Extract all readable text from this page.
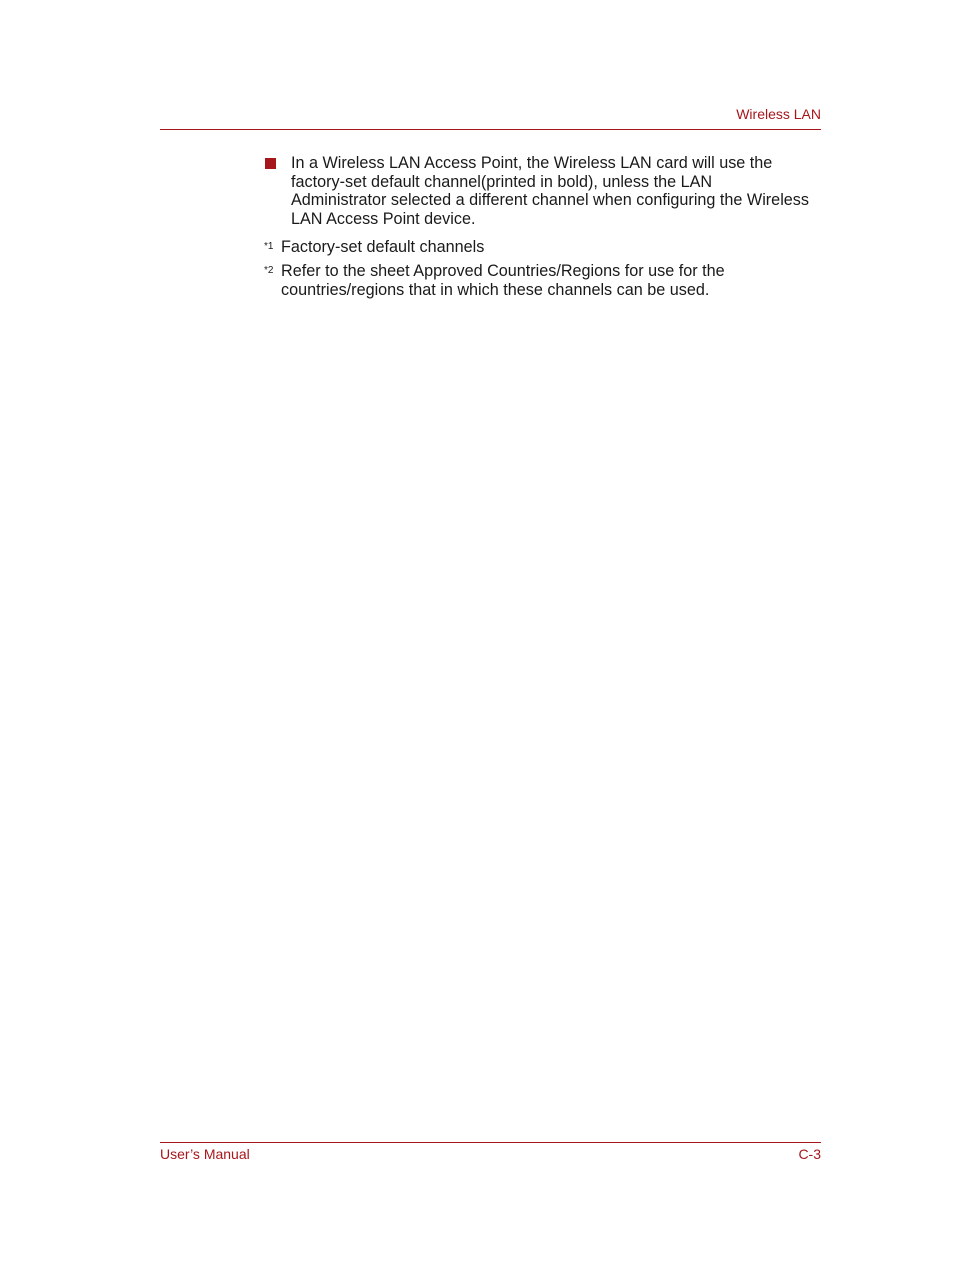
Wireless LAN
In a Wireless LAN Access Point, the Wireless LAN card will use the factory-set default channel(printed in bold), unless the LAN Administrator selected a different channel when configuring the Wireless LAN Access Point device.
$^{*1}$ Factory-set default channels
$^{*2}$ Refer to the sheet Approved Countries/Regions for use for the countries/regions that in which these channels can be used.
User’s Manual	C-3
